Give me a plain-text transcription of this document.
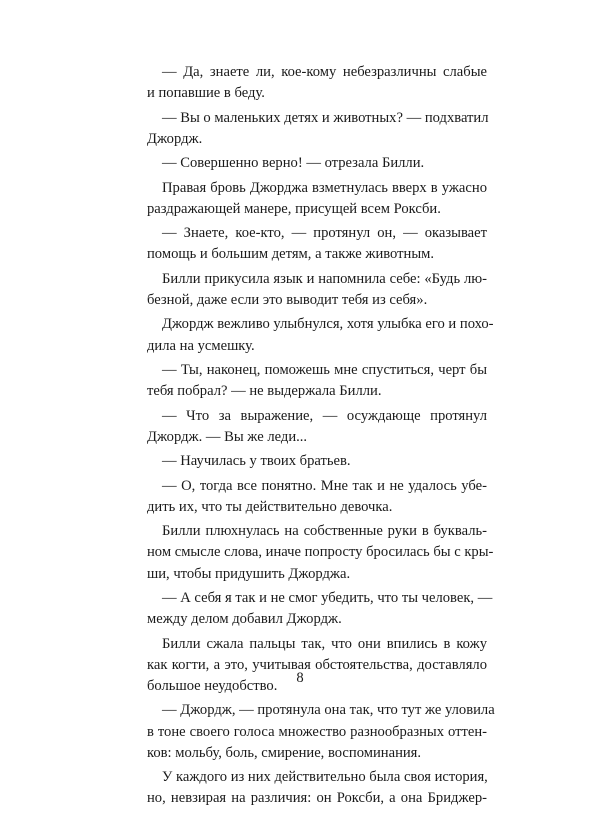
— Да, знаете ли, кое-кому небезразличны слабые
и попавшие в беду.
— Вы о маленьких детях и животных? — подхватил
Джордж.
— Совершенно верно! — отрезала Билли.
Правая бровь Джорджа взметнулась вверх в ужасно
раздражающей манере, присущей всем Роксби.
— Знаете, кое-кто, — протянул он, — оказывает
помощь и большим детям, а также животным.
Билли прикусила язык и напомнила себе: «Будь лю-
безной, даже если это выводит тебя из себя».
Джордж вежливо улыбнулся, хотя улыбка его и похо-
дила на усмешку.
— Ты, наконец, поможешь мне спуститься, черт бы
тебя побрал? — не выдержала Билли.
— Что за выражение, — осуждающе протянул
Джордж. — Вы же леди...
— Научилась у твоих братьев.
— О, тогда все понятно. Мне так и не удалось убе-
дить их, что ты действительно девочка.
Билли плюхнулась на собственные руки в букваль-
ном смысле слова, иначе попросту бросилась бы с кры-
ши, чтобы придушить Джорджа.
— А себя я так и не смог убедить, что ты человек, —
между делом добавил Джордж.
Билли сжала пальцы так, что они впились в кожу
как когти, а это, учитывая обстоятельства, доставляло
большое неудобство.
— Джордж, — протянула она так, что тут же уловила
в тоне своего голоса множество разнообразных оттен-
ков: мольбу, боль, смирение, воспоминания.
У каждого из них действительно была своя история,
но, невзирая на различия: он Роксби, а она Бриджер-
8
